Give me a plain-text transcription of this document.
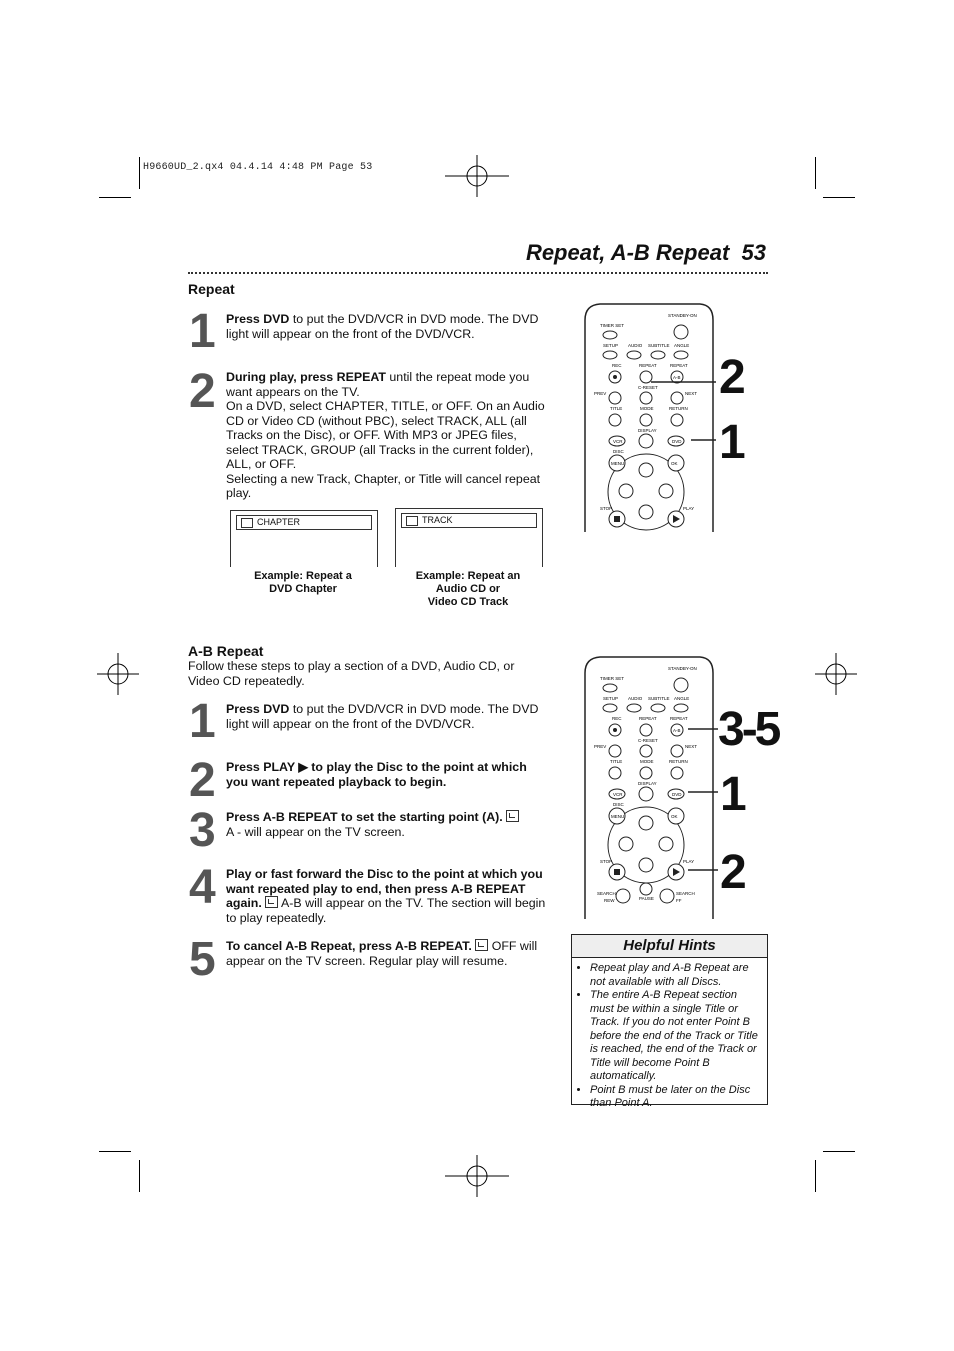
H9660UD_2.qx4 04.4.14 4:48 PM Page 53
Repeat, A-B Repeat 53
Repeat
1 Press DVD to put the DVD/VCR in DVD mode. The DVD light will appear on the front of the DVD/VCR.
2 During play, press REPEAT until the repeat mode you want appears on the TV.
On a DVD, select CHAPTER, TITLE, or OFF. On an Audio CD or Video CD (without PBC), select TRACK, ALL (all Tracks on the Disc), or OFF. With MP3 or JPEG files, select TRACK, GROUP (all Tracks in the current folder), ALL, or OFF.
Selecting a new Track, Chapter, or Title will cancel repeat play.
CHAPTER
Example: Repeat a
DVD Chapter
TRACK
Example: Repeat an
Audio CD or
Video CD Track
STANDBY-ON
TIMER SET
SETUP AUDIO SUBTITLE ANGLE
REC	REPEAT	REPEAT
A-B
C-RESET
PREV	NEXT
TITLE	MODE	RETURN
DISPLAY
VCR	DVD
DISC
MENU	OK
STOP	PLAY
2
1
A-B Repeat
Follow these steps to play a section of a DVD, Audio CD, or Video CD repeatedly.
1 Press DVD to put the DVD/VCR in DVD mode. The DVD light will appear on the front of the DVD/VCR.
2 Press PLAY ▶ to play the Disc to the point at which you want repeated playback to begin.
3 Press A-B REPEAT to set the starting point (A).
A - will appear on the TV screen.
4 Play or fast forward the Disc to the point at which you want repeated play to end, then press A-B REPEAT again.  A-B will appear on the TV. The section will begin to play repeatedly.
5 To cancel A-B Repeat, press A-B REPEAT.  OFF will appear on the TV screen. Regular play will resume.
STANDBY-ON
TIMER SET
SETUP AUDIO SUBTITLE ANGLE
REC	REPEAT	REPEAT
A-B
C-RESET
PREV	NEXT
TITLE	MODE	RETURN
DISPLAY
VCR	DVD
DISC
MENU	OK
STOP	PLAY
SEARCH
REW	PAUSE
SEARCH
FF
3-5
1
2
Helpful Hints
• Repeat play and A-B Repeat are not available with all Discs.
• The entire A-B Repeat section must be within a single Title or Track. If you do not enter Point B before the end of the Track or Title is reached, the end of the Track or Title will become Point B automatically.
• Point B must be later on the Disc than Point A.
